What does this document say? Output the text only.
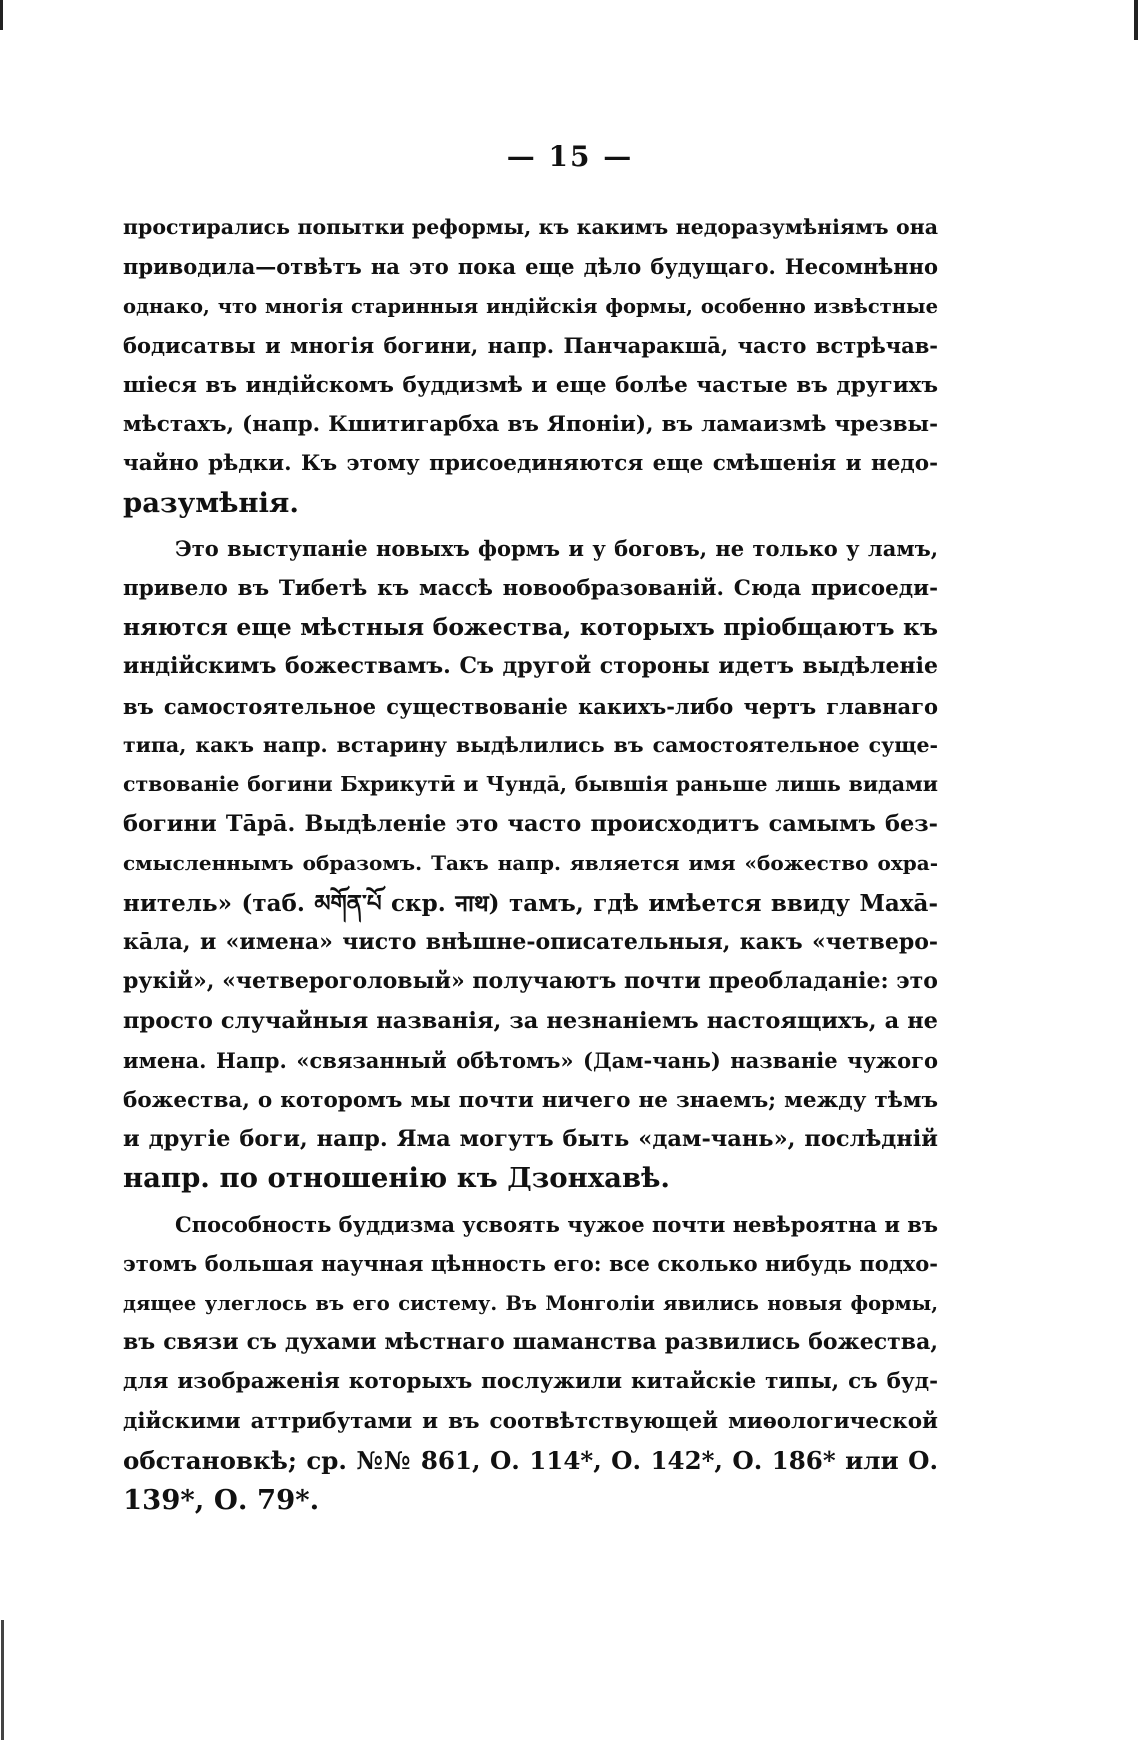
— 15 —
простирались попытки реформы, къ какимъ недоразумѣніямъ она
приводила—отвѣтъ на это пока еще дѣло будущаго. Несомнѣнно
однако, что многія старинныя индійскія формы, особенно извѣстные
бодисатвы и многія богини, напр. Панчаракшā, часто встрѣчав-
шіеся въ индійскомъ буддизмѣ и еще болѣе частые въ другихъ
мѣстахъ, (напр. Кшитигарбха въ Японіи), въ ламаизмѣ чрезвы-
чайно рѣдки. Къ этому присоединяются еще смѣшенія и недо-
разумѣнія.
Это выступаніе новыхъ формъ и у боговъ, не только у ламъ,
привело въ Тибетѣ къ массѣ новообразованій. Сюда присоеди-
няются еще мѣстныя божества, которыхъ пріобщаютъ къ
индійскимъ божествамъ. Съ другой стороны идетъ выдѣленіе
въ самостоятельное существованіе какихъ-либо чертъ главнаго
типа, какъ напр. встарину выдѣлились въ самостоятельное суще-
ствованіе богини Бхрикутӣ и Чундā, бывшія раньше лишь видами
богини Тāрā. Выдѣленіе это часто происходитъ самымъ без-
смысленнымъ образомъ. Такъ напр. является имя «божество охра-
нитель» (таб. མགོན་པོ скр. नाथ) тамъ, гдѣ имѣется ввиду Махā-
кāла, и «имена» чисто внѣшне-описательныя, какъ «четверо-
рукій», «четвероголовый» получаютъ почти преобладаніе: это
просто случайныя названія, за незнаніемъ настоящихъ, а не
имена. Напр. «связанный обѣтомъ» (Дам-чань) названіе чужого
божества, о которомъ мы почти ничего не знаемъ; между тѣмъ
и другіе боги, напр. Яма могутъ быть «дам-чань», послѣдній
напр. по отношенію къ Дзонхавѣ.
Способность буддизма усвоять чужое почти невѣроятна и въ
этомъ большая научная цѣнность его: все сколько нибудь подхо-
дящее улеглось въ его систему. Въ Монголіи явились новыя формы,
въ связи съ духами мѣстнаго шаманства развились божества,
для изображенія которыхъ послужили китайскіе типы, съ буд-
дійскими аттрибутами и въ соотвѣтствующей миѳологической
обстановкѣ; ср. №№ 861, О. 114*, О. 142*, О. 186* или О.
139*, О. 79*.
